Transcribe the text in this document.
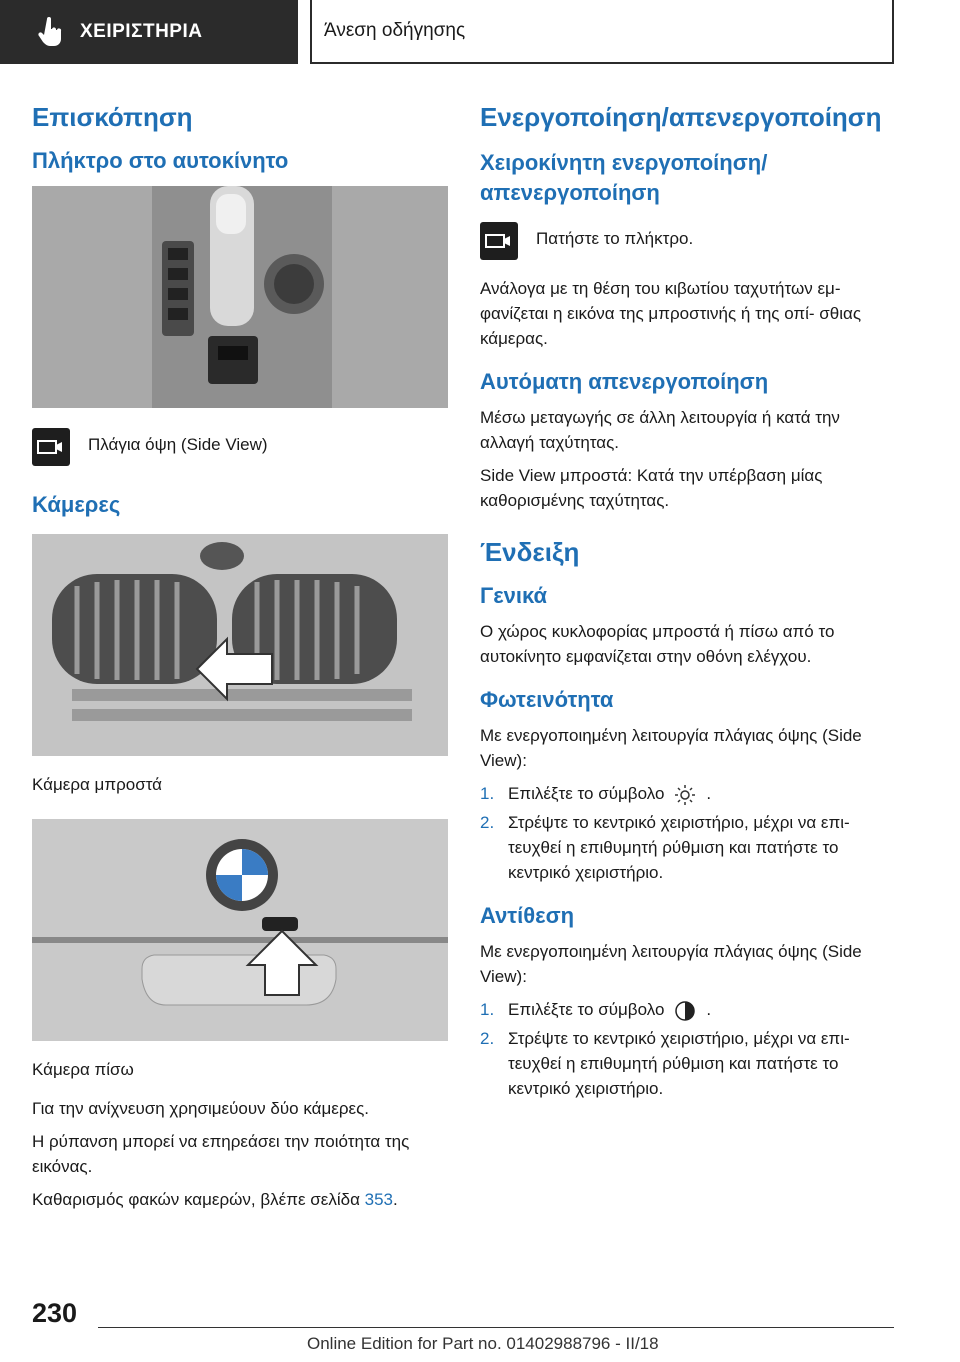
ΧΕΙΡΙΣΤΗΡΙΑ	Άνεση οδήγησης
Επισκόπηση
Πλήκτρο στο αυτοκίνητο
Πλάγια όψη (Side View)
Κάμερες
Κάμερα μπροστά
Κάμερα πίσω

Για την ανίχνευση χρησιμεύουν δύο κάμερες.

Η ρύπανση μπορεί να επηρεάσει την ποιότητα της εικόνας.

Καθαρισμός φακών καμερών, βλέπε σελίδα 353.

Ενεργοποίηση/απενεργοποίηση
Χειροκίνητη ενεργοποίηση/απενεργοποίηση
Πατήστε το πλήκτρο.

Ανάλογα με τη θέση του κιβωτίου ταχυτήτων εμ- φανίζεται η εικόνα της μπροστινής ή της οπί- σθιας κάμερας.

Αυτόματη απενεργοποίηση

Μέσω μεταγωγής σε άλλη λειτουργία ή κατά την αλλαγή ταχύτητας.

Side View μπροστά: Κατά την υπέρβαση μίας καθορισμένης ταχύτητας.

Ένδειξη
Γενικά

Ο χώρος κυκλοφορίας μπροστά ή πίσω από το αυτοκίνητο εμφανίζεται στην οθόνη ελέγχου.

Φωτεινότητα

Με ενεργοποιημένη λειτουργία πλάγιας όψης (Side View):

1. Επιλέξτε το σύμβολο .
2. Στρέψτε το κεντρικό χειριστήριο, μέχρι να επι- τευχθεί η επιθυμητή ρύθμιση και πατήστε το κεντρικό χειριστήριο.
Αντίθεση

Με ενεργοποιημένη λειτουργία πλάγιας όψης (Side View):

1. Επιλέξτε το σύμβολο .
2. Στρέψτε το κεντρικό χειριστήριο, μέχρι να επι- τευχθεί η επιθυμητή ρύθμιση και πατήστε το κεντρικό χειριστήριο.
230
Online Edition for Part no. 01402988796 - II/18
